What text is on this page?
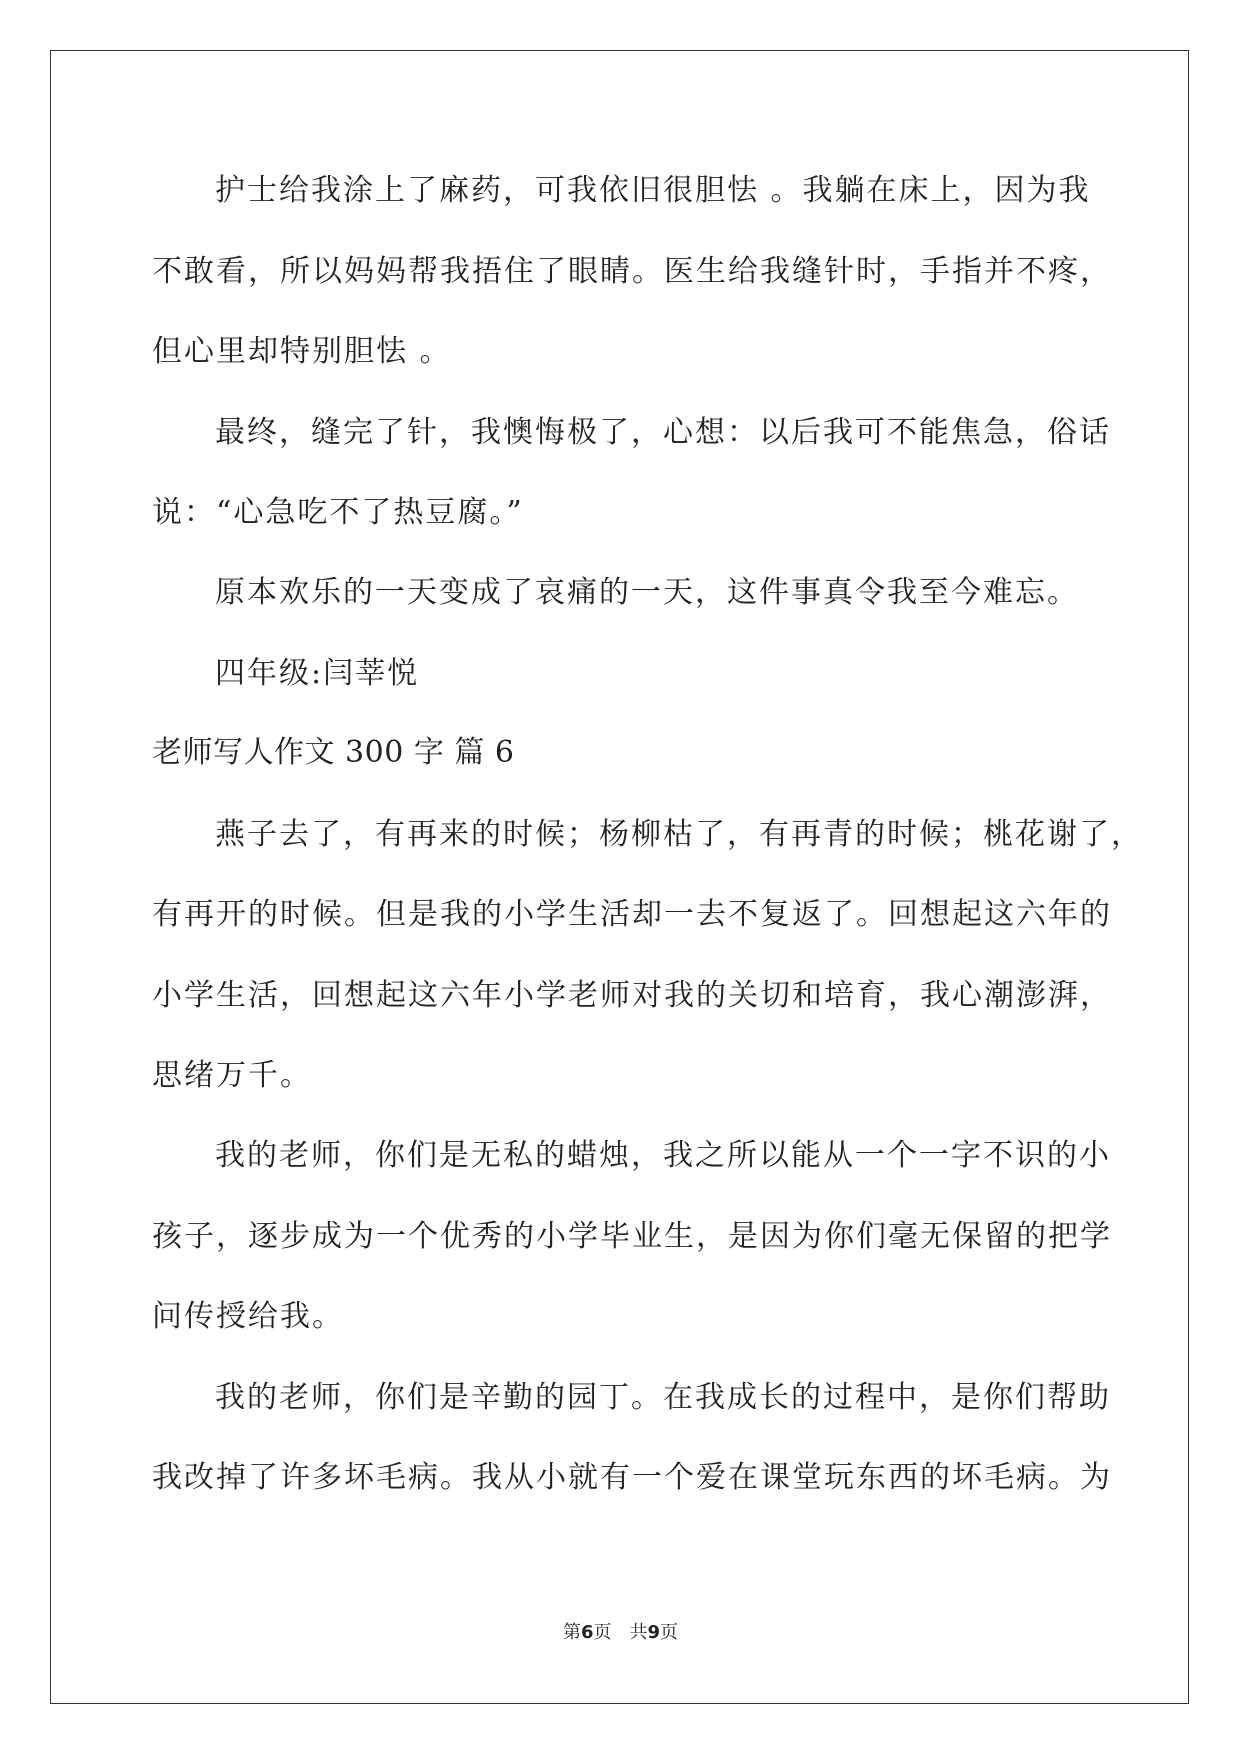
护士给我涂上了麻药，可我依旧很胆怯 。我躺在床上，因为我
不敢看，所以妈妈帮我捂住了眼睛。医生给我缝针时，手指并不疼，
但心里却特别胆怯 。
最终，缝完了针，我懊悔极了，心想：以后我可不能焦急，俗话
说：“心急吃不了热豆腐。”
原本欢乐的一天变成了哀痛的一天，这件事真令我至今难忘。
四年级:闫莘悦
老师写人作文 300 字 篇 6
燕子去了，有再来的时候；杨柳枯了，有再青的时候；桃花谢了，
有再开的时候。但是我的小学生活却一去不复返了。回想起这六年的
小学生活，回想起这六年小学老师对我的关切和培育，我心潮澎湃，
思绪万千。
我的老师，你们是无私的蜡烛，我之所以能从一个一字不识的小
孩子，逐步成为一个优秀的小学毕业生，是因为你们毫无保留的把学
问传授给我。
我的老师，你们是辛勤的园丁。在我成长的过程中，是你们帮助
我改掉了许多坏毛病。我从小就有一个爱在课堂玩东西的坏毛病。为
第6页　共9页
